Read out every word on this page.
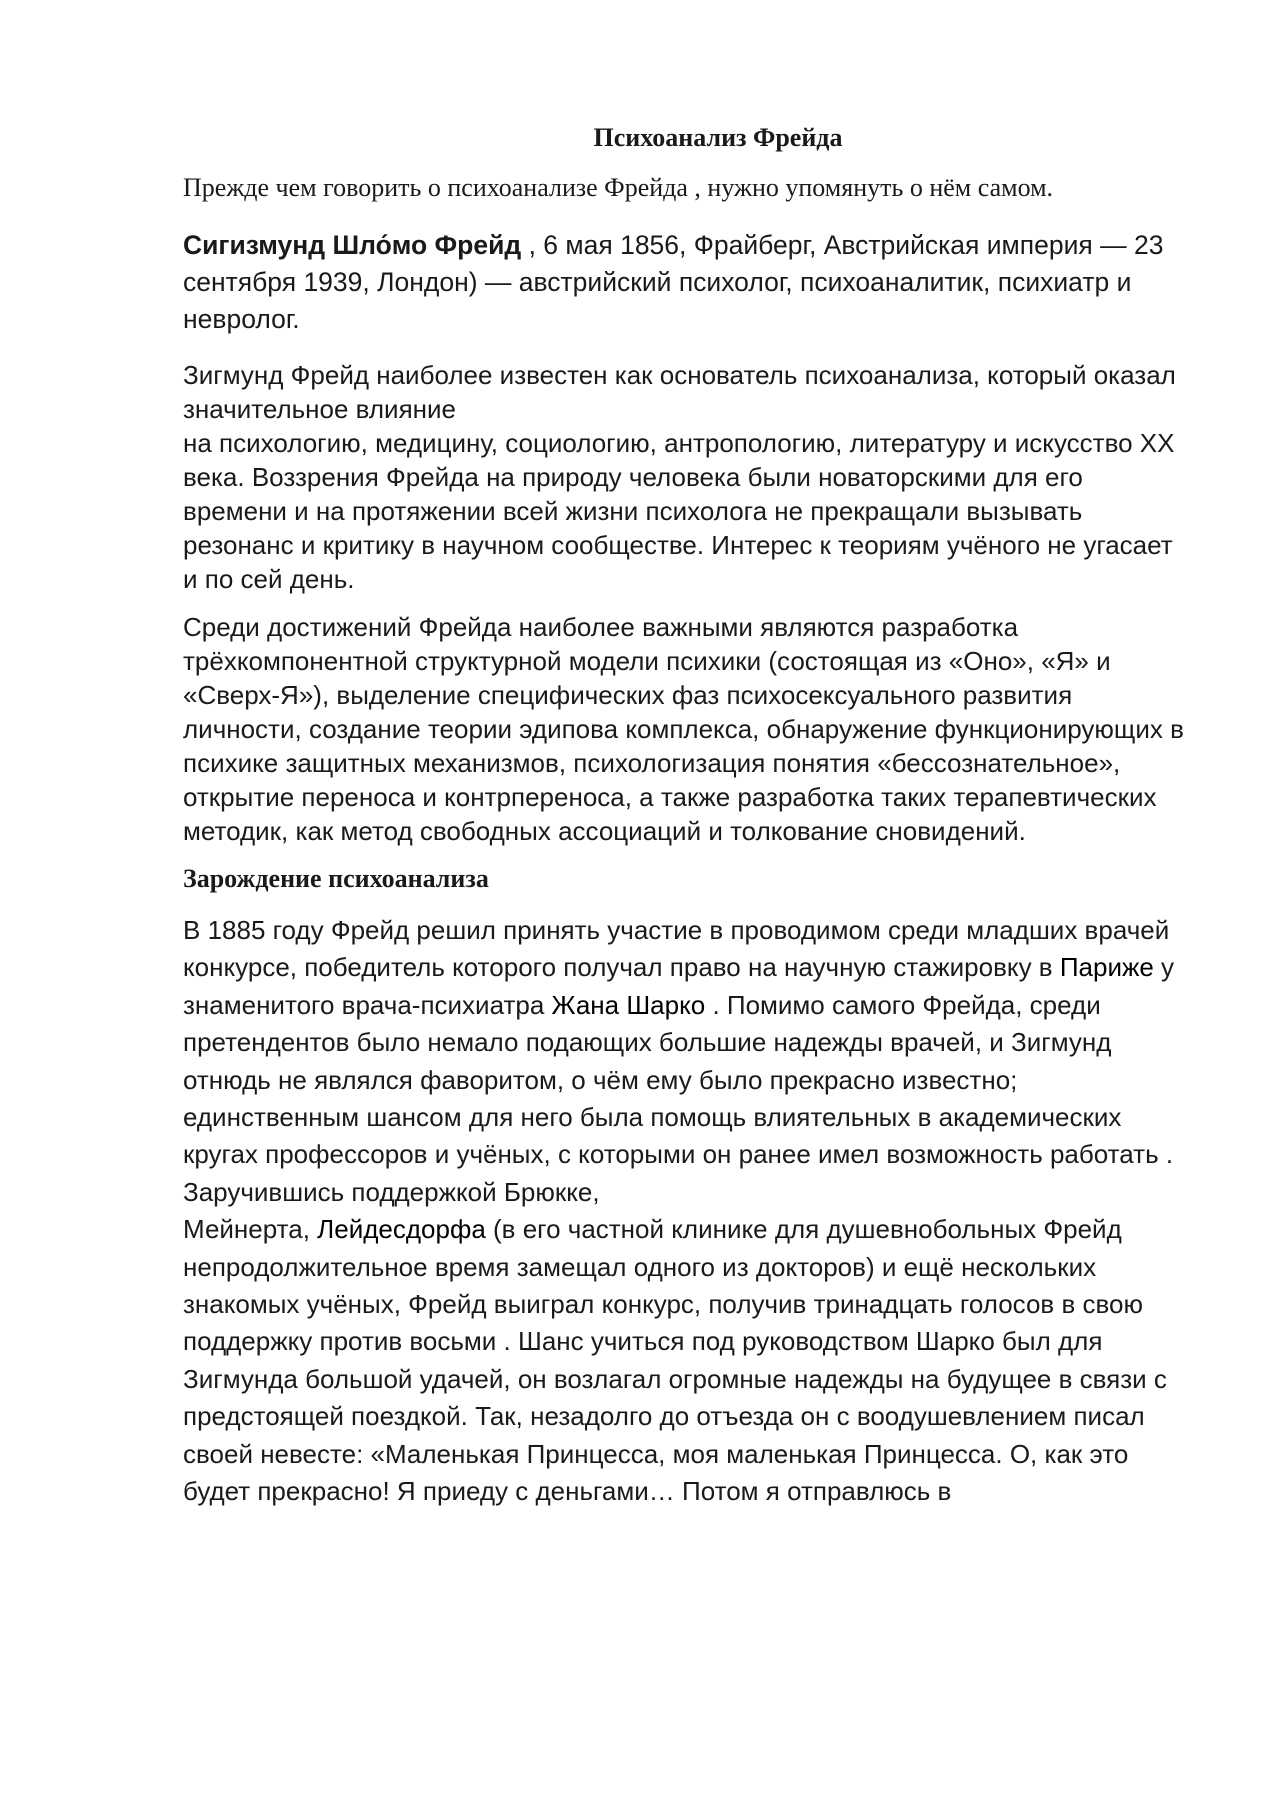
Психоанализ Фрейда

Прежде чем говорить о психоанализе Фрейда , нужно упомянуть о нём самом.

Сигизмунд Шло́мо Фрейд , 6 мая 1856, Фрайберг, Австрийская империя — 23
сентября 1939, Лондон) — австрийский психолог, психоаналитик, психиатр и невролог.

Зигмунд Фрейд наиболее известен как основатель психоанализа, который оказал значительное влияние
на психологию, медицину, социологию, антропологию, литературу и искусство XX века. Воззрения Фрейда на природу человека были новаторскими для его времени и на протяжении всей жизни психолога не прекращали вызывать резонанс и критику в научном сообществе. Интерес к теориям учёного не угасает и по сей день.

Среди достижений Фрейда наиболее важными являются разработка трёхкомпонентной структурной модели психики (состоящая из «Оно», «Я» и «Сверх-Я»), выделение специфических фаз психосексуального развития личности, создание теории эдипова комплекса, обнаружение функционирующих в психике защитных механизмов, психологизация понятия «бессознательное», открытие переноса и контрпереноса, а также разработка таких терапевтических методик, как метод свободных ассоциаций и толкование сновидений.

Зарождение психоанализа

В 1885 году Фрейд решил принять участие в проводимом среди младших врачей конкурсе, победитель которого получал право на научную стажировку в Париже у знаменитого врача-психиатра Жана Шарко . Помимо самого Фрейда, среди претендентов было немало подающих большие надежды врачей, и Зигмунд отнюдь не являлся фаворитом, о чём ему было прекрасно известно; единственным шансом для него была помощь влиятельных в академических кругах профессоров и учёных, с которыми он ранее имел возможность работать . Заручившись поддержкой Брюкке,
Мейнерта, Лейдесдорфа (в его частной клинике для душевнобольных Фрейд непродолжительное время замещал одного из докторов) и ещё нескольких знакомых учёных, Фрейд выиграл конкурс, получив тринадцать голосов в свою поддержку против восьми . Шанс учиться под руководством Шарко был для Зигмунда большой удачей, он возлагал огромные надежды на будущее в связи с предстоящей поездкой. Так, незадолго до отъезда он с воодушевлением писал своей невесте: «Маленькая Принцесса, моя маленькая Принцесса. О, как это будет прекрасно! Я приеду с деньгами… Потом я отправлюсь в
